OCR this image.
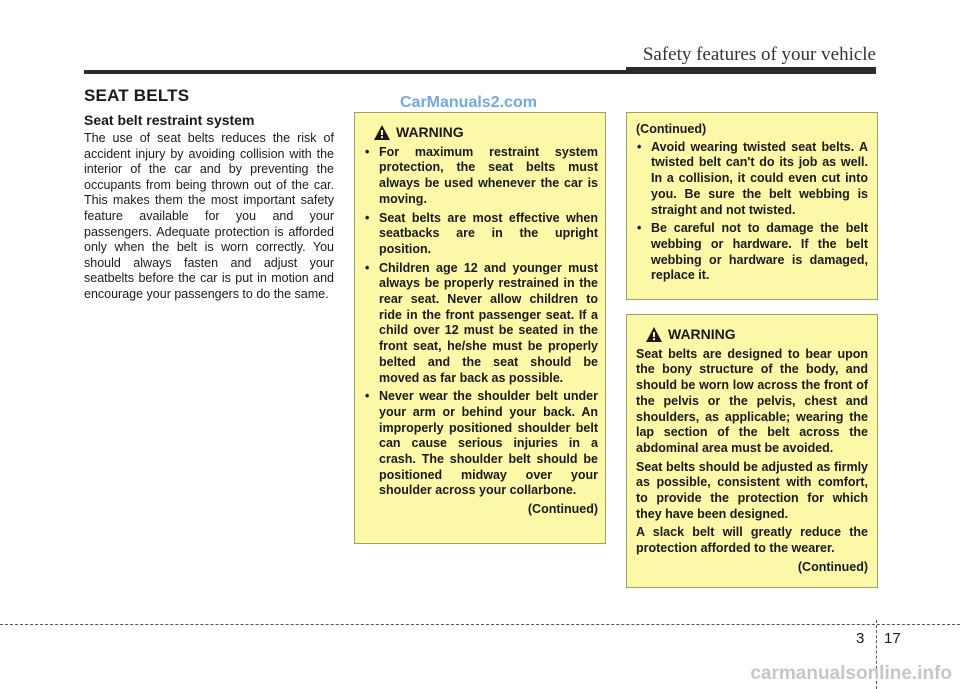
Safety features of your vehicle
SEAT BELTS	CarManuals2.com
Seat belt restraint system
The use of seat belts reduces the risk of accident injury by avoiding collision with the interior of the car and by preventing the occupants from being thrown out of the car. This makes them the most important safety feature available for you and your passengers. Adequate protection is afforded only when the belt is worn correctly. You should always fasten and adjust your seatbelts before the car is put in motion and encourage your passengers to do the same.
WARNING
• For maximum restraint system protection, the seat belts must always be used whenever the car is moving.
• Seat belts are most effective when seatbacks are in the upright position.
• Children age 12 and younger must always be properly restrained in the rear seat. Never allow children to ride in the front passenger seat. If a child over 12 must be seated in the front seat, he/she must be properly belted and the seat should be moved as far back as possible.
• Never wear the shoulder belt under your arm or behind your back. An improperly positioned shoulder belt can cause serious injuries in a crash. The shoulder belt should be positioned midway over your shoulder across your collarbone.
(Continued)
(Continued)
• Avoid wearing twisted seat belts. A twisted belt can't do its job as well. In a collision, it could even cut into you. Be sure the belt webbing is straight and not twisted.
• Be careful not to damage the belt webbing or hardware. If the belt webbing or hardware is damaged, replace it.
WARNING

Seat belts are designed to bear upon the bony structure of the body, and should be worn low across the front of the pelvis or the pelvis, chest and shoulders, as applicable; wearing the lap section of the belt across the abdominal area must be avoided.

Seat belts should be adjusted as firmly as possible, consistent with comfort, to provide the protection for which they have been designed.

A slack belt will greatly reduce the protection afforded to the wearer.

(Continued)
3 17
carmanualsonline.info
